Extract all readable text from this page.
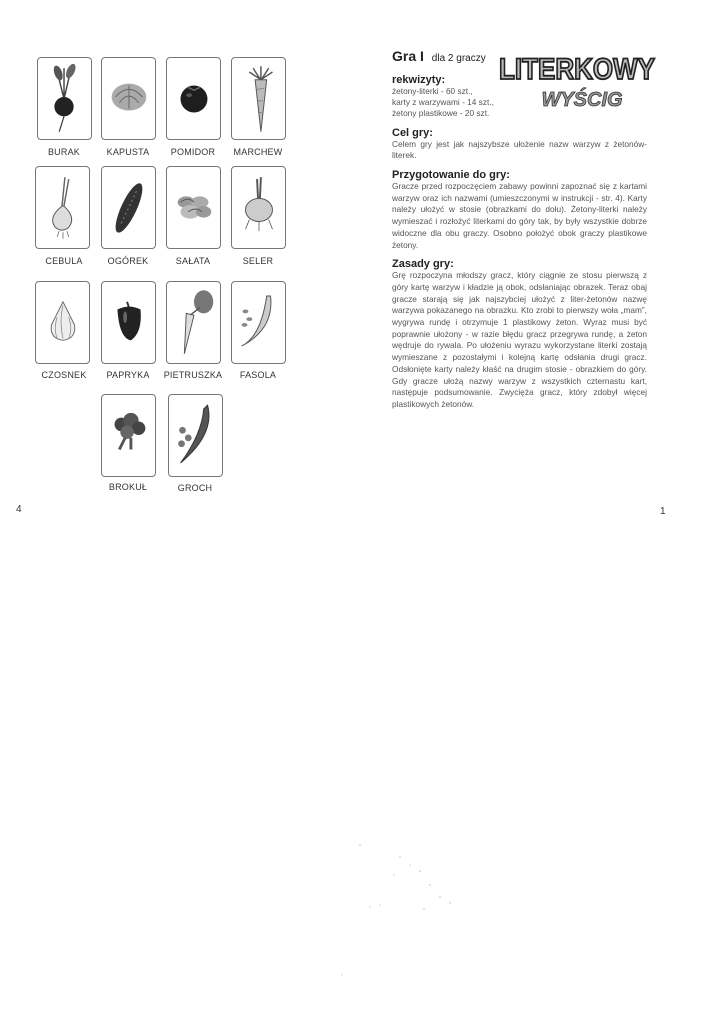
BURAK	KAPUSTA	POMIDOR	MARCHEW
CEBULA	OGÓREK	SAŁATA	SELER
CZOSNEK	PAPRYKA	PIETRUSZKA	FASOLA
BROKUŁ	GROCH
4
LITERKOWY
WYŚCIG
Gra I dla 2 graczy
rekwizyty:
żetony-literki - 60 szt.,
karty z warzywami - 14 szt.,
żetony plastikowe - 20 szt.
Cel gry:
Celem gry jest jak najszybsze ułożenie nazw warzyw z żetonów-literek.
Przygotowanie do gry:
Gracze przed rozpoczęciem zabawy powinni zapoznać się z kartami warzyw oraz ich nazwami (umieszczonymi w instrukcji - str. 4). Karty należy ułożyć w stosie (obrazkami do dołu). Żetony-literki należy wymieszać i rozłożyć literkami do góry tak, by były wszystkie dobrze widoczne dla obu graczy. Osobno położyć obok graczy plastikowe żetony.
Zasady gry:
Grę rozpoczyna młodszy gracz, który ciągnie ze stosu pierwszą z góry kartę warzyw i kładzie ją obok, odsłaniając obrazek. Teraz obaj gracze starają się jak najszybciej ułożyć z liter-żetonów nazwę warzywa pokazanego na obrazku. Kto zrobi to pierwszy woła „mam”, wygrywa rundę i otrzymuje 1 plastikowy żeton. Wyraz musi być poprawnie ułożony - w razie błędu gracz przegrywa rundę, a żeton wędruje do rywala. Po ułożeniu wyrazu wykorzystane literki zostają wymieszane z pozostałymi i kolejną kartę odsłania drugi gracz. Odsłonięte karty należy kłaść na drugim stosie - obrazkiem do góry. Gdy gracze ułożą nazwy warzyw z wszystkich czternastu kart, następuje podsumowanie. Zwycięża gracz, który zdobył więcej plastikowych żetonów.
1
